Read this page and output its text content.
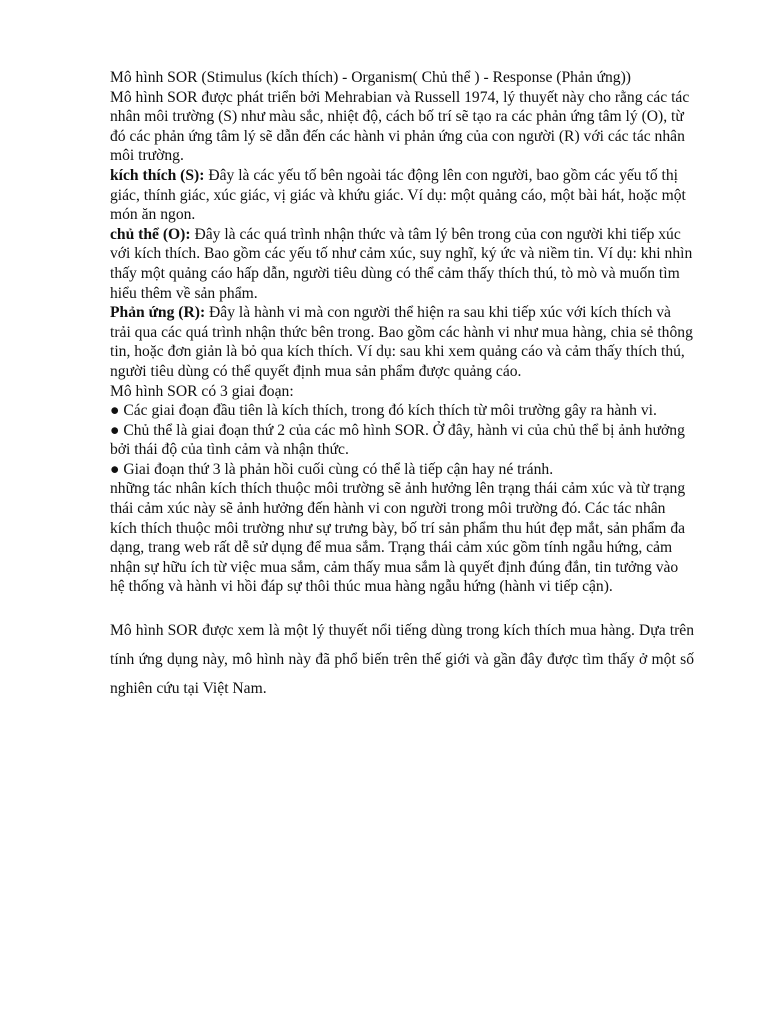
Mô hình SOR (Stimulus (kích thích) - Organism( Chủ thể ) - Response (Phản ứng))

Mô hình SOR được phát triển bởi Mehrabian và Russell 1974, lý thuyết này cho rằng các tác nhân môi trường (S) như màu sắc, nhiệt độ, cách bố trí sẽ tạo ra các phản ứng tâm lý (O), từ đó các phản ứng tâm lý sẽ dẫn đến các hành vi phản ứng của con người (R) với các tác nhân môi trường.

kích thích (S): Đây là các yếu tố bên ngoài tác động lên con người, bao gồm các yếu tố thị giác, thính giác, xúc giác, vị giác và khứu giác. Ví dụ: một quảng cáo, một bài hát, hoặc một món ăn ngon.

chủ thể (O): Đây là các quá trình nhận thức và tâm lý bên trong của con người khi tiếp xúc với kích thích. Bao gồm các yếu tố như cảm xúc, suy nghĩ, ký ức và niềm tin. Ví dụ: khi nhìn thấy một quảng cáo hấp dẫn, người tiêu dùng có thể cảm thấy thích thú, tò mò và muốn tìm hiểu thêm về sản phẩm.

Phản ứng (R): Đây là hành vi mà con người thể hiện ra sau khi tiếp xúc với kích thích và trải qua các quá trình nhận thức bên trong. Bao gồm các hành vi như mua hàng, chia sẻ thông tin, hoặc đơn giản là bỏ qua kích thích. Ví dụ: sau khi xem quảng cáo và cảm thấy thích thú, người tiêu dùng có thể quyết định mua sản phẩm được quảng cáo.

Mô hình SOR có 3 giai đoạn:

● Các giai đoạn đầu tiên là kích thích, trong đó kích thích từ môi trường gây ra hành vi.

● Chủ thể là giai đoạn thứ 2 của các mô hình SOR. Ở đây, hành vi của chủ thể bị ảnh hưởng bởi thái độ của tình cảm và nhận thức.

● Giai đoạn thứ 3 là phản hồi cuối cùng có thể là tiếp cận hay né tránh.

những tác nhân kích thích thuộc môi trường sẽ ảnh hưởng lên trạng thái cảm xúc và từ trạng thái cảm xúc này sẽ ảnh hưởng đến hành vi con người trong môi trường đó. Các tác nhân kích thích thuộc môi trường như sự trưng bày, bố trí sản phẩm thu hút đẹp mắt, sản phẩm đa dạng, trang web rất dễ sử dụng để mua sắm. Trạng thái cảm xúc gồm tính ngẫu hứng, cảm nhận sự hữu ích từ việc mua sắm, cảm thấy mua sắm là quyết định đúng đắn, tin tưởng vào hệ thống và hành vi hồi đáp sự thôi thúc mua hàng ngẫu hứng (hành vi tiếp cận).

Mô hình SOR được xem là một lý thuyết nổi tiếng dùng trong kích thích mua hàng. Dựa trên tính ứng dụng này, mô hình này đã phổ biến trên thế giới và gần đây được tìm thấy ở một số nghiên cứu tại Việt Nam.
